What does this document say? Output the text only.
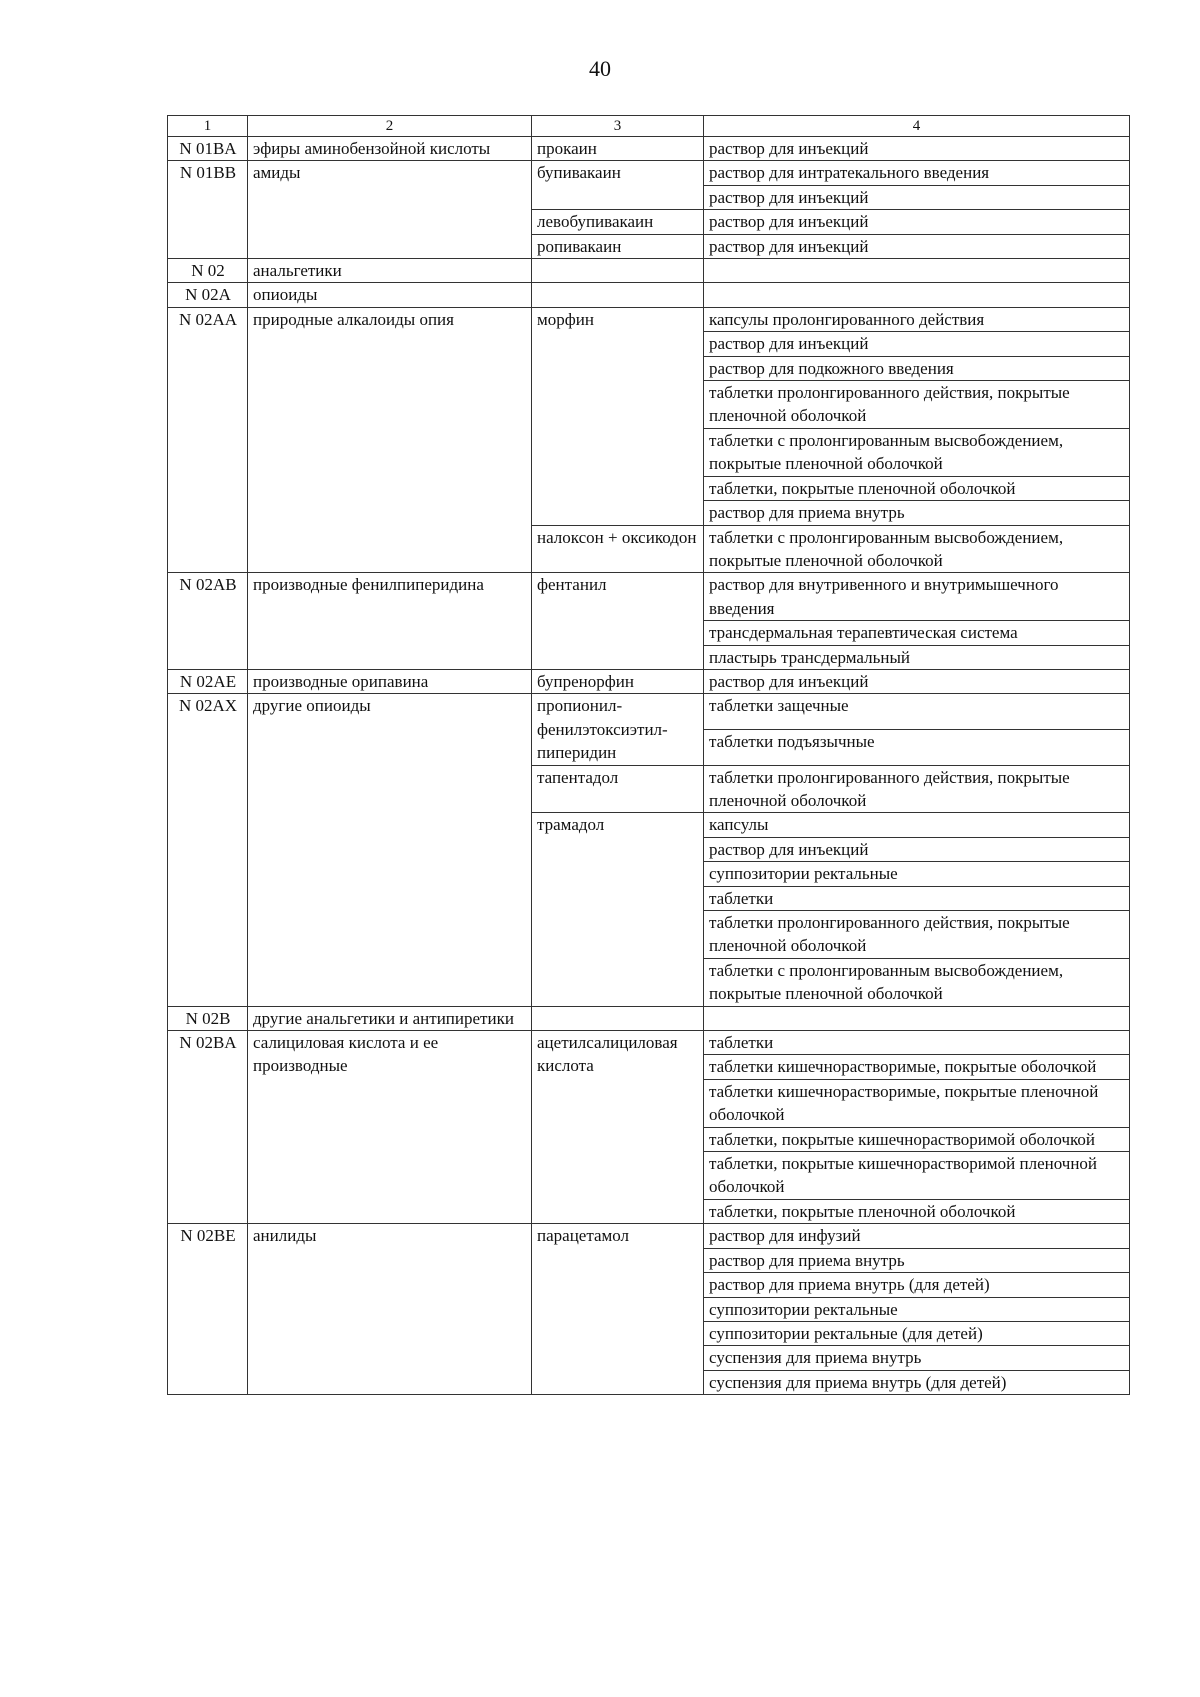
40
1	2	3	4
N 01BA	эфиры аминобензойной кислоты	прокаин	раствор для инъекций
N 01BB	амиды	бупивакаин	раствор для интратекального введения
			раствор для инъекций
		левобупивакаин	раствор для инъекций
		ропивакаин	раствор для инъекций
N 02	анальгетики		
N 02A	опиоиды		
N 02AA	природные алкалоиды опия	морфин	капсулы пролонгированного действия
			раствор для инъекций
			раствор для подкожного введения
			таблетки пролонгированного действия, покрытые пленочной оболочкой
			таблетки с пролонгированным высвобождением, покрытые пленочной оболочкой
			таблетки, покрытые пленочной оболочкой
			раствор для приема внутрь
		налоксон + оксикодон	таблетки с пролонгированным высвобождением, покрытые пленочной оболочкой
N 02AB	производные фенилпиперидина	фентанил	раствор для внутривенного и внутримышечного введения
			трансдермальная терапевтическая система
			пластырь трансдермальный
N 02AE	производные орипавина	бупренорфин	раствор для инъекций
N 02AX	другие опиоиды	пропионил-фенилэтоксиэтил-пиперидин	таблетки защечные
			таблетки подъязычные
		тапентадол	таблетки пролонгированного действия, покрытые пленочной оболочкой
		трамадол	капсулы
			раствор для инъекций
			суппозитории ректальные
			таблетки
			таблетки пролонгированного действия, покрытые пленочной оболочкой
			таблетки с пролонгированным высвобождением, покрытые пленочной оболочкой
N 02B	другие анальгетики и антипиретики		
N 02BA	салициловая кислота и ее производные	ацетилсалициловая кислота	таблетки
			таблетки кишечнорастворимые, покрытые оболочкой
			таблетки кишечнорастворимые, покрытые пленочной оболочкой
			таблетки, покрытые кишечнорастворимой оболочкой
			таблетки, покрытые кишечнорастворимой пленочной оболочкой
			таблетки, покрытые пленочной оболочкой
N 02BE	анилиды	парацетамол	раствор для инфузий
			раствор для приема внутрь
			раствор для приема внутрь (для детей)
			суппозитории ректальные
			суппозитории ректальные (для детей)
			суспензия для приема внутрь
			суспензия для приема внутрь (для детей)
